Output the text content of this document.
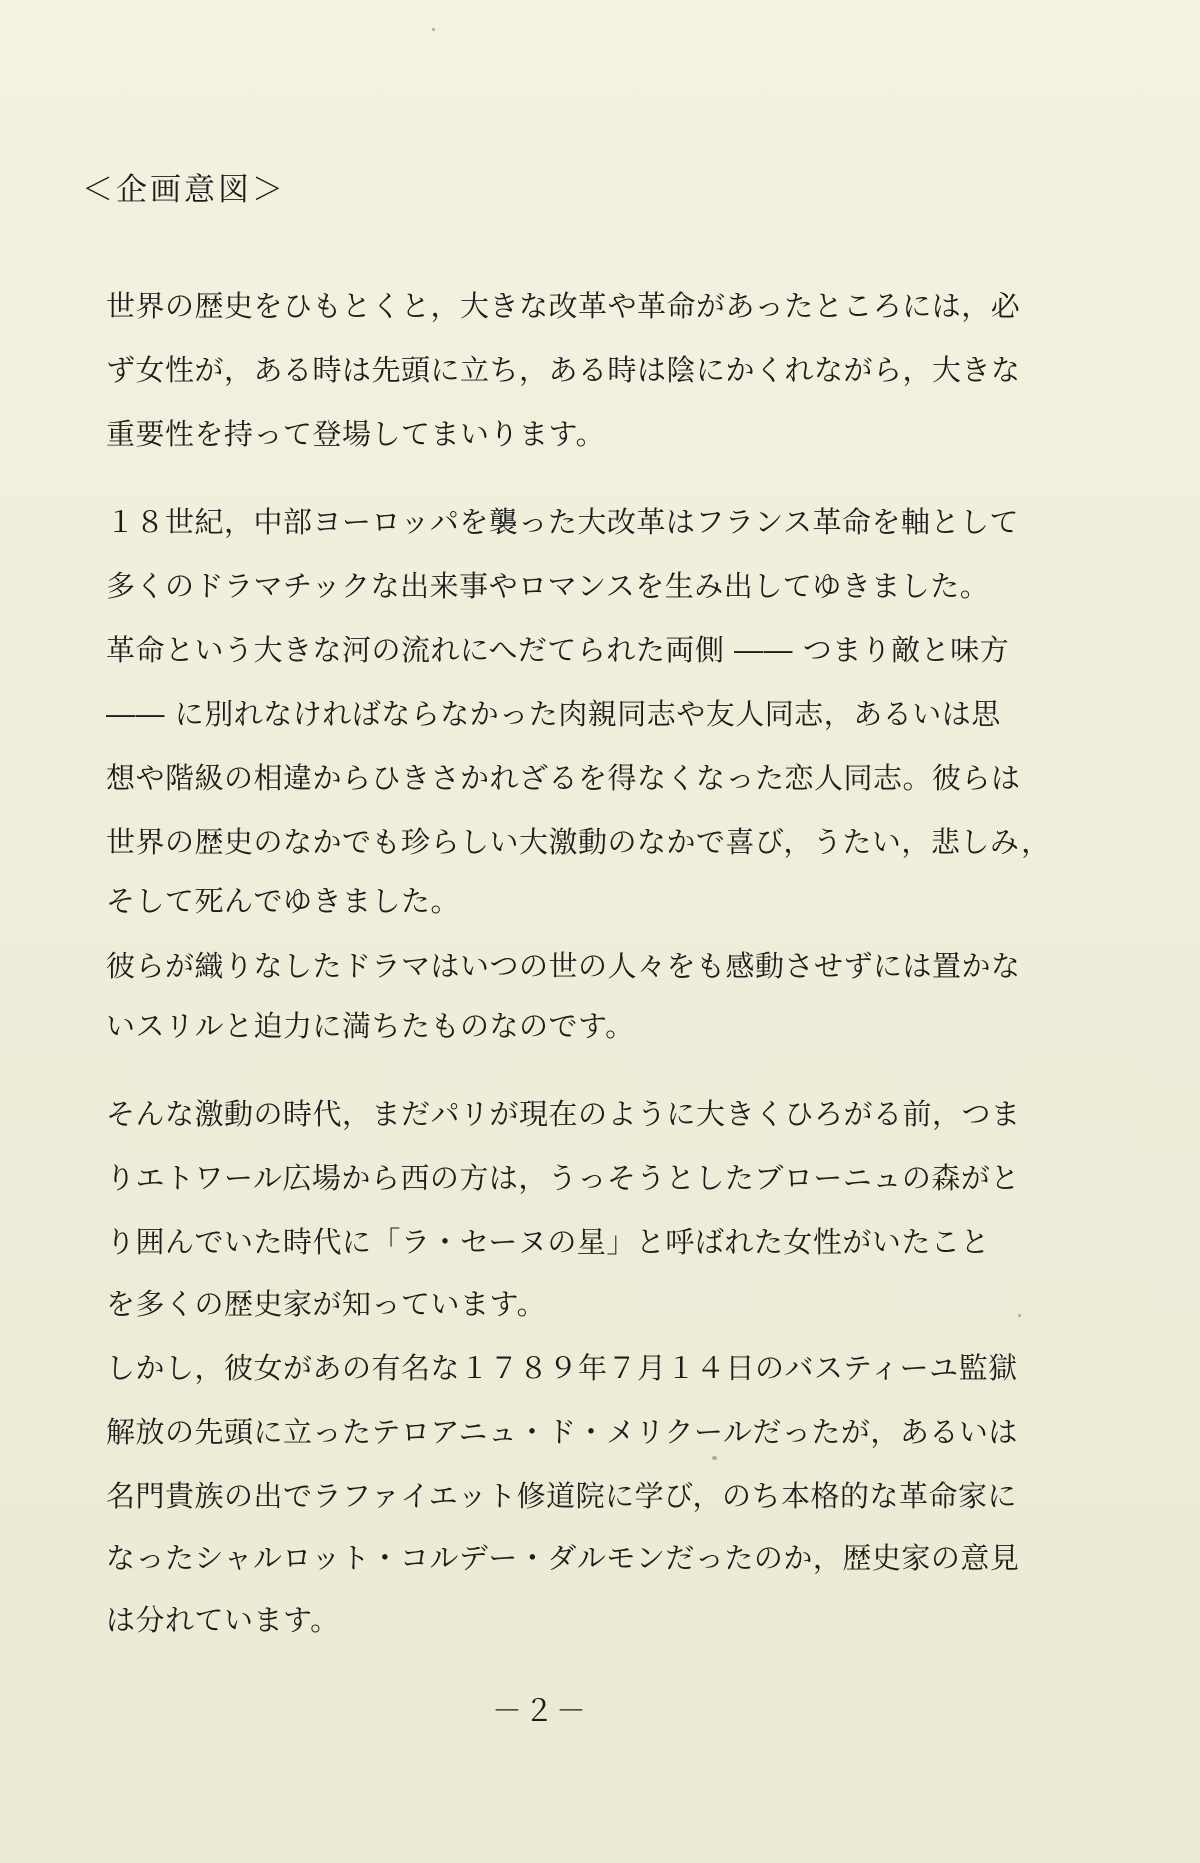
＜企画意図＞
世界の歴史をひもとくと，大きな改革や革命があったところには，必
ず女性が，ある時は先頭に立ち，ある時は陰にかくれながら，大きな
重要性を持って登場してまいります。
１８世紀，中部ヨーロッパを襲った大改革はフランス革命を軸として
多くのドラマチックな出来事やロマンスを生み出してゆきました。
革命という大きな河の流れにへだてられた両側 ―― つまり敵と味方
―― に別れなければならなかった肉親同志や友人同志，あるいは思
想や階級の相違からひきさかれざるを得なくなった恋人同志。彼らは
世界の歴史のなかでも珍らしい大激動のなかで喜び，うたい，悲しみ，
そして死んでゆきました。
彼らが織りなしたドラマはいつの世の人々をも感動させずには置かな
いスリルと迫力に満ちたものなのです。
そんな激動の時代，まだパリが現在のように大きくひろがる前，つま
りエトワール広場から西の方は，うっそうとしたブローニュの森がと
り囲んでいた時代に「ラ・セーヌの星」と呼ばれた女性がいたこと
を多くの歴史家が知っています。
しかし，彼女があの有名な１７８９年７月１４日のバスティーユ監獄
解放の先頭に立ったテロアニュ・ド・メリクールだったが，あるいは
名門貴族の出でラファイエット修道院に学び，のち本格的な革命家に
なったシャルロット・コルデー・ダルモンだったのか，歴史家の意見
は分れています。
－２－
